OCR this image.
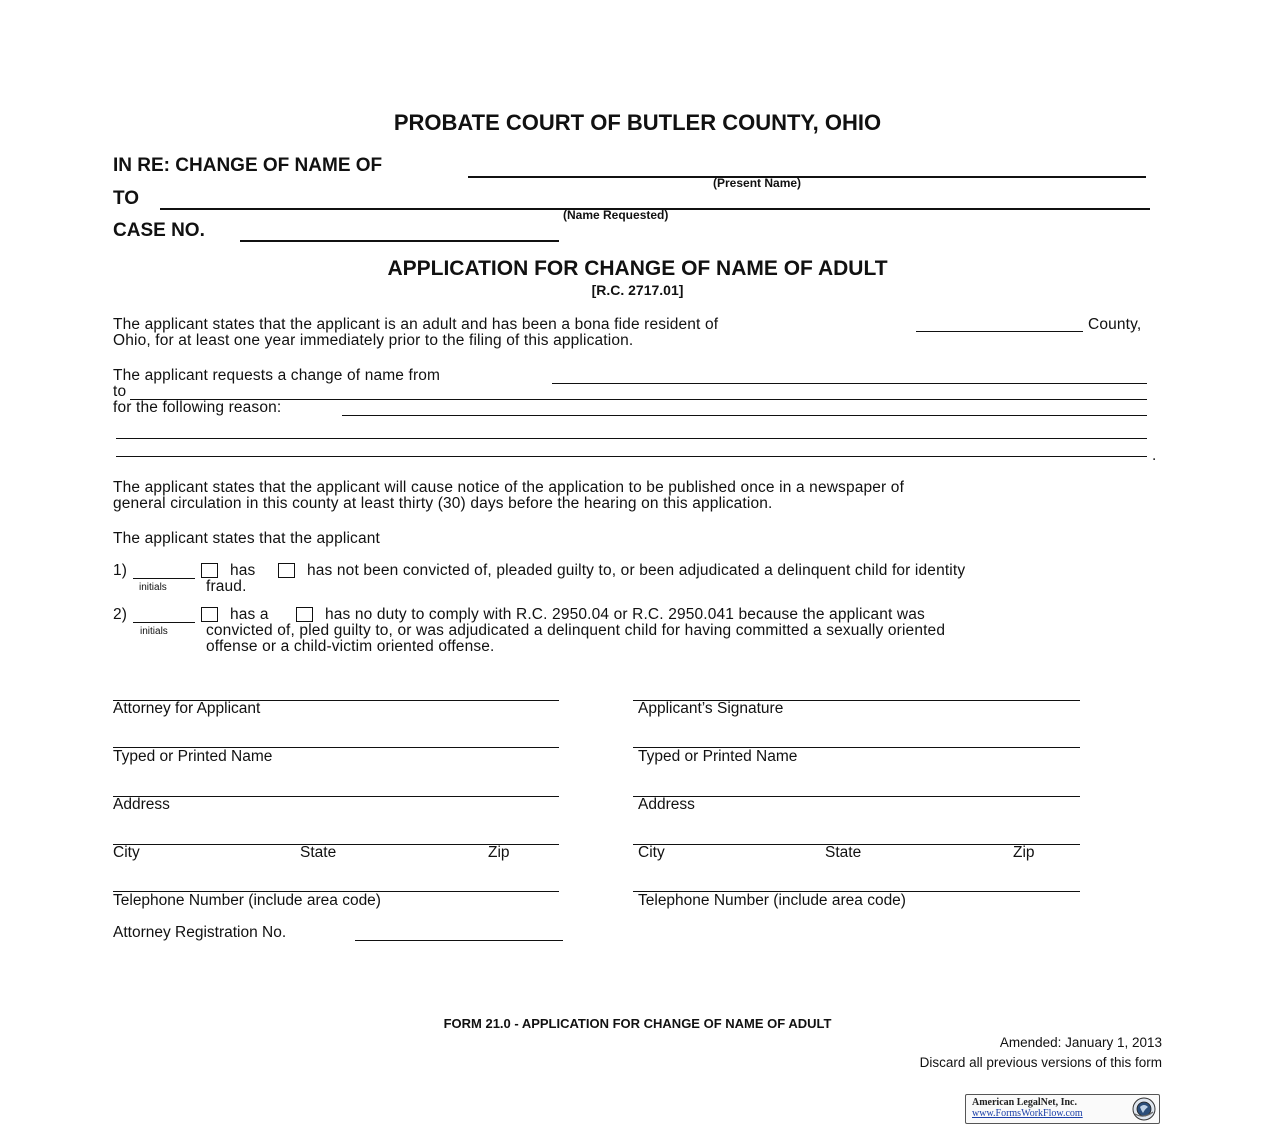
PROBATE COURT OF BUTLER COUNTY, OHIO
IN RE: CHANGE OF NAME OF
(Present Name)
TO
(Name Requested)
CASE NO.
APPLICATION FOR CHANGE OF NAME OF ADULT
[R.C. 2717.01]
The applicant states that the applicant is an adult and has been a bona fide resident of	County,
Ohio, for at least one year immediately prior to the filing of this application.
The applicant requests a change of name from
to
for the following reason:
.
The applicant states that the applicant will cause notice of the application to be published once in a newspaper of
general circulation in this county at least thirty (30) days before the hearing on this application.
The applicant states that the applicant
1)
initials
has	has not been convicted of, pleaded guilty to, or been adjudicated a delinquent child for identity
fraud.
2)
initials
has a	has no duty to comply with R.C. 2950.04 or R.C. 2950.041 because the applicant was
convicted of, pled guilty to, or was adjudicated a delinquent child for having committed a sexually oriented
offense or a child-victim oriented offense.
Attorney for Applicant
Typed or Printed Name
Address
City	State	Zip
Telephone Number (include area code)
Attorney Registration No.
Applicant’s Signature
Typed or Printed Name
Address
City	State	Zip
Telephone Number (include area code)
FORM 21.0 - APPLICATION FOR CHANGE OF NAME OF ADULT
Amended: January 1, 2013
Discard all previous versions of this form
American LegalNet, Inc.
www.FormsWorkFlow.com
